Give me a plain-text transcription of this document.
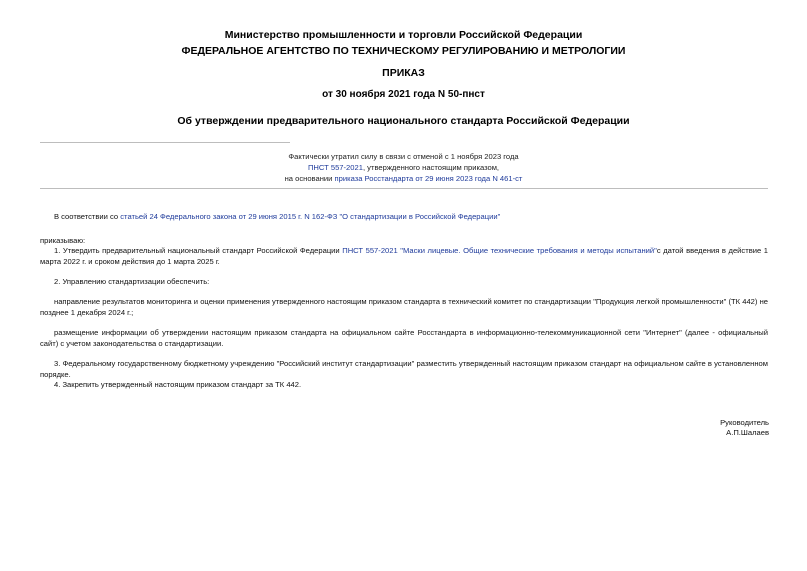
Министерство промышленности и торговли Российской Федерации
ФЕДЕРАЛЬНОЕ АГЕНТСТВО ПО ТЕХНИЧЕСКОМУ РЕГУЛИРОВАНИЮ И МЕТРОЛОГИИ
ПРИКАЗ
от 30 ноября 2021 года N 50-пнст
Об утверждении предварительного национального стандарта Российской Федерации
Фактически утратил силу в связи с отменой с 1 ноября 2023 года
ПНСТ 557-2021, утвержденного настоящим приказом,
на основании приказа Росстандарта от 29 июня 2023 года N 461-ст
В соответствии со статьей 24 Федерального закона от 29 июня 2015 г. N 162-ФЗ "О стандартизации в Российской Федерации"
приказываю:
1. Утвердить предварительный национальный стандарт Российской Федерации ПНСТ 557-2021 "Маски лицевые. Общие технические требования и методы испытаний"с датой введения в действие 1 марта 2022 г. и сроком действия до 1 марта 2025 г.
2. Управлению стандартизации обеспечить:
направление результатов мониторинга и оценки применения утвержденного настоящим приказом стандарта в технический комитет по стандартизации "Продукция легкой промышленности" (ТК 442) не позднее 1 декабря 2024 г.;
размещение информации об утверждении настоящим приказом стандарта на официальном сайте Росстандарта в информационно-телекоммуникационной сети "Интернет" (далее - официальный сайт) с учетом законодательства о стандартизации.
3. Федеральному государственному бюджетному учреждению "Российский институт стандартизации" разместить утвержденный настоящим приказом стандарт на официальном сайте в установленном порядке.
4. Закрепить утвержденный настоящим приказом стандарт за ТК 442.
Руководитель
А.П.Шалаев
